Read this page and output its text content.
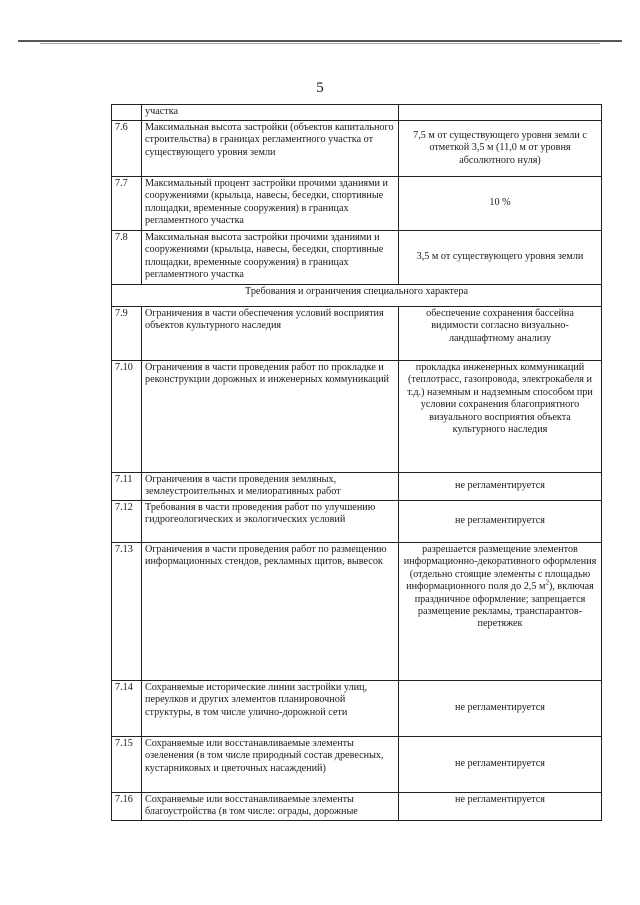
5
	участка	
7.6	Максимальная высота застройки (объектов капитального строительства) в границах регламентного участка от существующего уровня земли	7,5 м от существующего уровня земли с отметкой 3,5 м (11,0 м от уровня абсолютного нуля)
7.7	Максимальный процент застройки прочими зданиями и сооружениями (крыльца, навесы, беседки, спортивные площадки, временные сооружения) в границах регламентного участка	10 %
7.8	Максимальная высота застройки прочими зданиями и сооружениями (крыльца, навесы, беседки, спортивные площадки, временные сооружения) в границах регламентного участка	3,5 м от существующего уровня земли
Требования и ограничения специального характера		
7.9	Ограничения в части обеспечения условий восприятия объектов культурного наследия	обеспечение сохранения бассейна видимости согласно визуально-ландшафтному анализу
7.10	Ограничения в части проведения работ по прокладке и реконструкции дорожных и инженерных коммуникаций	прокладка инженерных коммуникаций (теплотрасс, газопровода, электрокабеля и т.д.) наземным и надземным способом при условии сохранения благоприятного визуального восприятия объекта культурного наследия
7.11	Ограничения в части проведения земляных, землеустроительных и мелиоративных работ	не регламентируется
7.12	Требования в части проведения работ по улучшению гидрогеологических и экологических условий	не регламентируется
7.13	Ограничения в части проведения работ по размещению информационных стендов, рекламных щитов, вывесок	разрешается размещение элементов информационно-декоративного оформления (отдельно стоящие элементы с площадью информационного поля до 2,5 $м^2$), включая праздничное оформление; запрещается размещение рекламы, транспарантов-перетяжек
7.14	Сохраняемые исторические линии застройки улиц, переулков и других элементов планировочной структуры, в том числе улично-дорожной сети	не регламентируется
7.15	Сохраняемые или восстанавливаемые элементы озеленения (в том числе природный состав древесных, кустарниковых и цветочных насаждений)	не регламентируется
7.16	Сохраняемые или восстанавливаемые элементы благоустройства (в том числе: ограды, дорожные	не регламентируется
